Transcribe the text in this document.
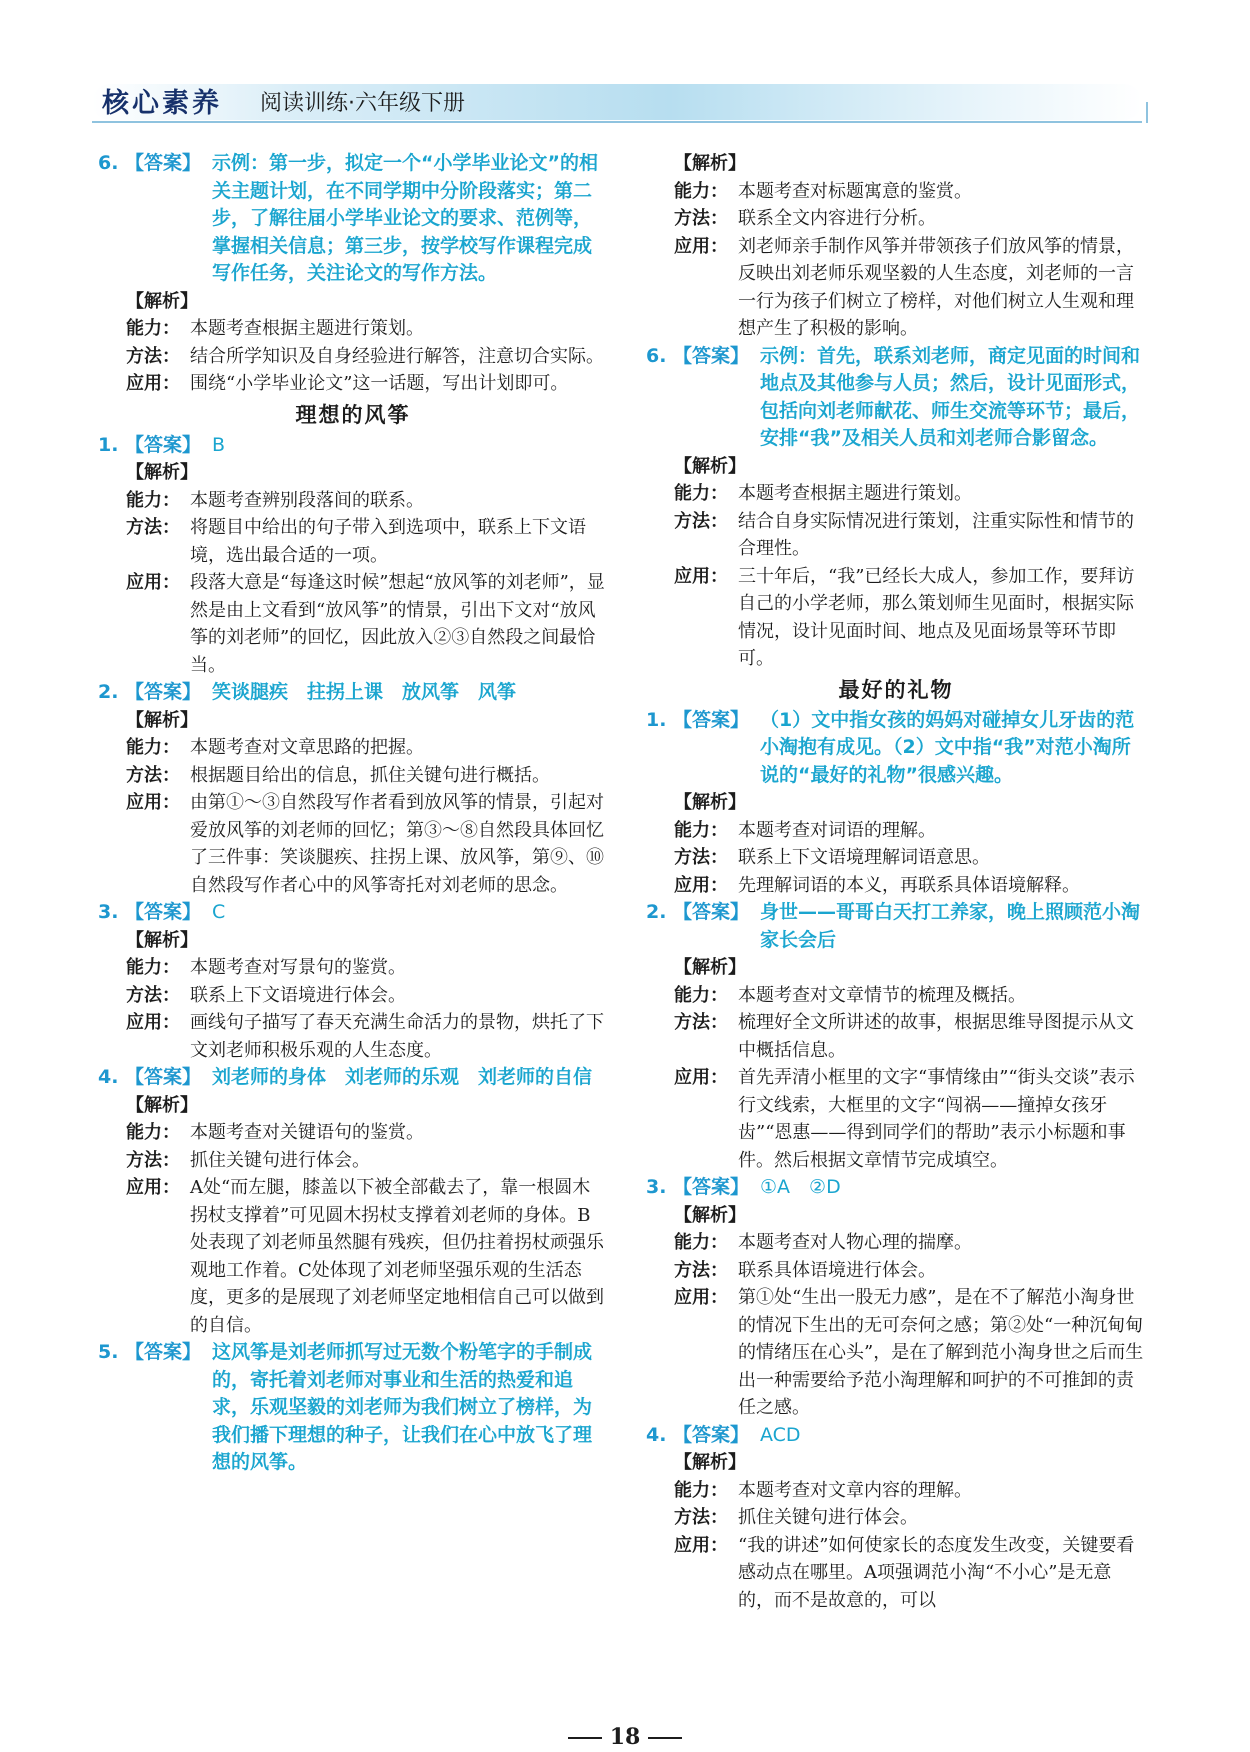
核心素养 阅读训练·六年级下册
6. 【答案】 示例：第一步，拟定一个“小学毕业论文”的相关主题计划，在不同学期中分阶段落实；第二步，了解往届小学毕业论文的要求、范例等，掌握相关信息；第三步，按学校写作课程完成写作任务，关注论文的写作方法。
【解析】
能力： 本题考查根据主题进行策划。
方法： 结合所学知识及自身经验进行解答，注意切合实际。
应用： 围绕“小学毕业论文”这一话题，写出计划即可。
理想的风筝
1. 【答案】 B
【解析】
能力： 本题考查辨别段落间的联系。
方法： 将题目中给出的句子带入到选项中，联系上下文语境，选出最合适的一项。
应用： 段落大意是“每逢这时候”想起“放风筝的刘老师”，显然是由上文看到“放风筝”的情景，引出下文对“放风筝的刘老师”的回忆，因此放入②③自然段之间最恰当。
2. 【答案】 笑谈腿疾　拄拐上课　放风筝　风筝
【解析】
能力： 本题考查对文章思路的把握。
方法： 根据题目给出的信息，抓住关键句进行概括。
应用： 由第①～③自然段写作者看到放风筝的情景，引起对爱放风筝的刘老师的回忆；第③～⑧自然段具体回忆了三件事：笑谈腿疾、拄拐上课、放风筝，第⑨、⑩自然段写作者心中的风筝寄托对刘老师的思念。
3. 【答案】 C
【解析】
能力： 本题考查对写景句的鉴赏。
方法： 联系上下文语境进行体会。
应用： 画线句子描写了春天充满生命活力的景物，烘托了下文刘老师积极乐观的人生态度。
4. 【答案】 刘老师的身体　刘老师的乐观　刘老师的自信
【解析】
能力： 本题考查对关键语句的鉴赏。
方法： 抓住关键句进行体会。
应用： A处“而左腿，膝盖以下被全部截去了，靠一根圆木拐杖支撑着”可见圆木拐杖支撑着刘老师的身体。B处表现了刘老师虽然腿有残疾，但仍拄着拐杖顽强乐观地工作着。C处体现了刘老师坚强乐观的生活态度，更多的是展现了刘老师坚定地相信自己可以做到的自信。
5. 【答案】 这风筝是刘老师抓写过无数个粉笔字的手制成的，寄托着刘老师对事业和生活的热爱和追求，乐观坚毅的刘老师为我们树立了榜样，为我们播下理想的种子，让我们在心中放飞了理想的风筝。
【解析】
能力： 本题考查对标题寓意的鉴赏。
方法： 联系全文内容进行分析。
应用： 刘老师亲手制作风筝并带领孩子们放风筝的情景，反映出刘老师乐观坚毅的人生态度，刘老师的一言一行为孩子们树立了榜样，对他们树立人生观和理想产生了积极的影响。
6. 【答案】 示例：首先，联系刘老师，商定见面的时间和地点及其他参与人员；然后，设计见面形式，包括向刘老师献花、师生交流等环节；最后，安排“我”及相关人员和刘老师合影留念。
【解析】
能力： 本题考查根据主题进行策划。
方法： 结合自身实际情况进行策划，注重实际性和情节的合理性。
应用： 三十年后，“我”已经长大成人，参加工作，要拜访自己的小学老师，那么策划师生见面时，根据实际情况，设计见面时间、地点及见面场景等环节即可。
最好的礼物
1. 【答案】 （1）文中指女孩的妈妈对碰掉女儿牙齿的范小淘抱有成见。（2）文中指“我”对范小淘所说的“最好的礼物”很感兴趣。
【解析】
能力： 本题考查对词语的理解。
方法： 联系上下文语境理解词语意思。
应用： 先理解词语的本义，再联系具体语境解释。
2. 【答案】 身世——哥哥白天打工养家，晚上照顾范小淘　家长会后
【解析】
能力： 本题考查对文章情节的梳理及概括。
方法： 梳理好全文所讲述的故事，根据思维导图提示从文中概括信息。
应用： 首先弄清小框里的文字“事情缘由”“街头交谈”表示行文线索，大框里的文字“闯祸——撞掉女孩牙齿”“恩惠——得到同学们的帮助”表示小标题和事件。然后根据文章情节完成填空。
3. 【答案】 ①A　②D
【解析】
能力： 本题考查对人物心理的揣摩。
方法： 联系具体语境进行体会。
应用： 第①处“生出一股无力感”，是在不了解范小淘身世的情况下生出的无可奈何之感；第②处“一种沉甸甸的情绪压在心头”，是在了解到范小淘身世之后而生出一种需要给予范小淘理解和呵护的不可推卸的责任之感。
4. 【答案】 ACD
【解析】
能力： 本题考查对文章内容的理解。
方法： 抓住关键句进行体会。
应用： “我的讲述”如何使家长的态度发生改变，关键要看感动点在哪里。A项强调范小淘“不小心”是无意的，而不是故意的，可以
18
